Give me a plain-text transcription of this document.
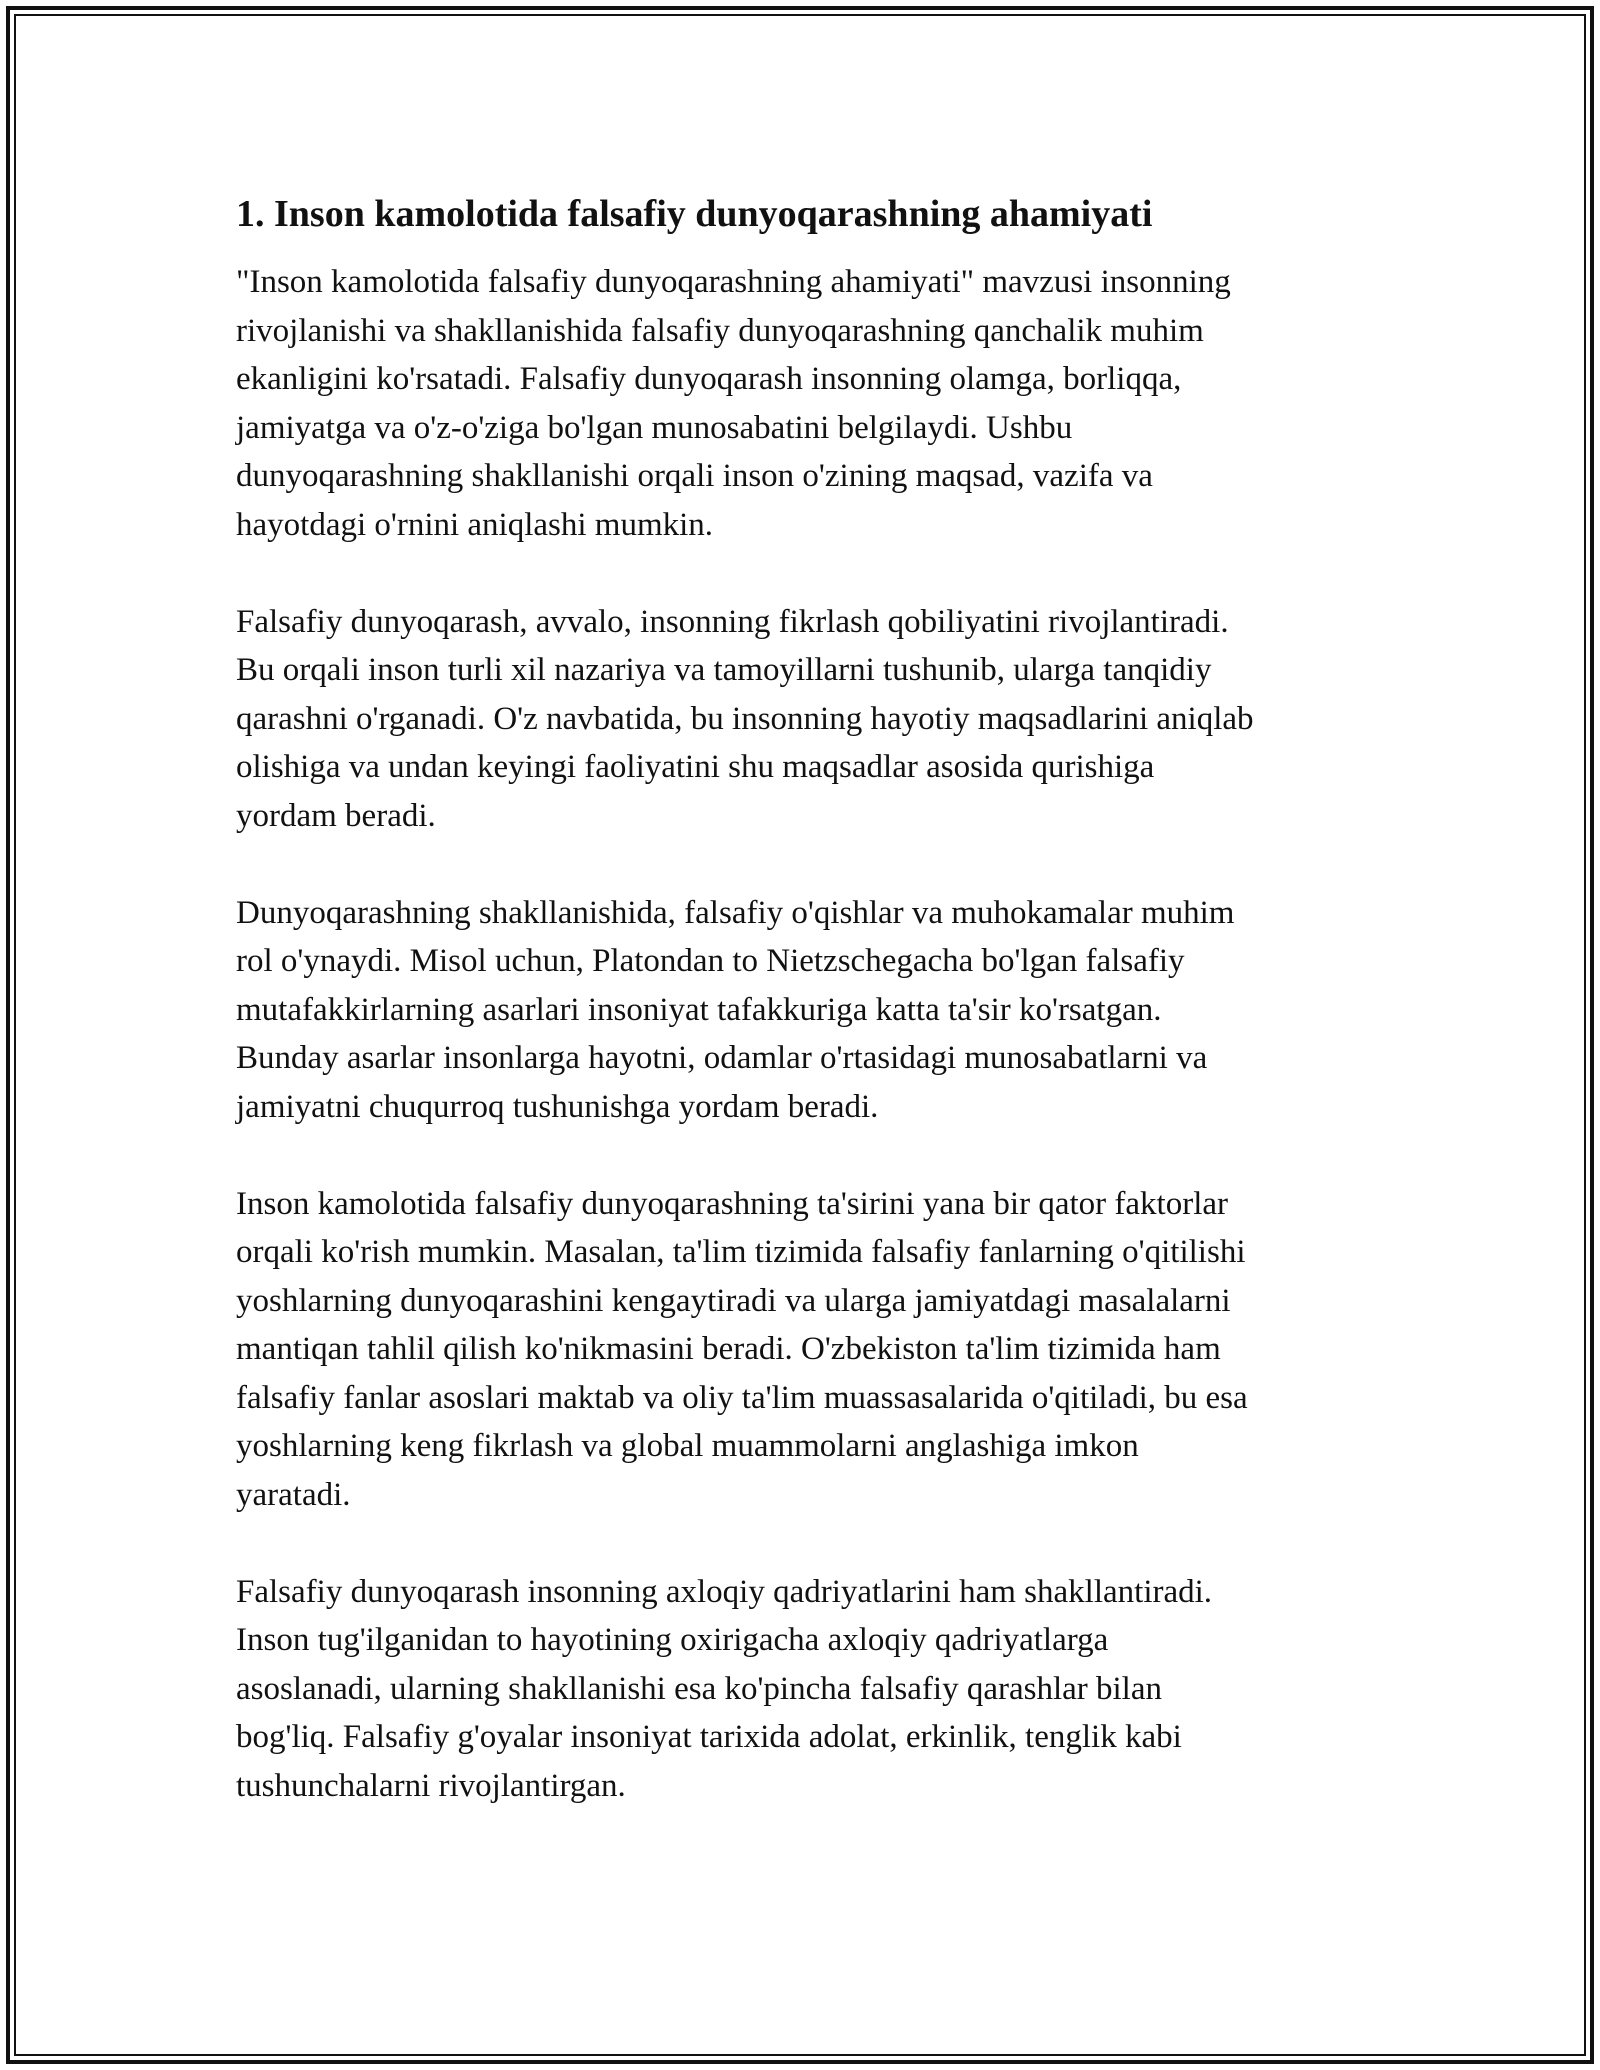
1. Inson kamolotida falsafiy dunyoqarashning ahamiyati

"Inson kamolotida falsafiy dunyoqarashning ahamiyati" mavzusi insonning
rivojlanishi va shakllanishida falsafiy dunyoqarashning qanchalik muhim
ekanligini ko'rsatadi. Falsafiy dunyoqarash insonning olamga, borliqqa,
jamiyatga va o'z-o'ziga bo'lgan munosabatini belgilaydi. Ushbu
dunyoqarashning shakllanishi orqali inson o'zining maqsad, vazifa va
hayotdagi o'rnini aniqlashi mumkin.

Falsafiy dunyoqarash, avvalo, insonning fikrlash qobiliyatini rivojlantiradi.
Bu orqali inson turli xil nazariya va tamoyillarni tushunib, ularga tanqidiy
qarashni o'rganadi. O'z navbatida, bu insonning hayotiy maqsadlarini aniqlab
olishiga va undan keyingi faoliyatini shu maqsadlar asosida qurishiga
yordam beradi.

Dunyoqarashning shakllanishida, falsafiy o'qishlar va muhokamalar muhim
rol o'ynaydi. Misol uchun, Platondan to Nietzschegacha bo'lgan falsafiy
mutafakkirlarning asarlari insoniyat tafakkuriga katta ta'sir ko'rsatgan.
Bunday asarlar insonlarga hayotni, odamlar o'rtasidagi munosabatlarni va
jamiyatni chuqurroq tushunishga yordam beradi.

Inson kamolotida falsafiy dunyoqarashning ta'sirini yana bir qator faktorlar
orqali ko'rish mumkin. Masalan, ta'lim tizimida falsafiy fanlarning o'qitilishi
yoshlarning dunyoqarashini kengaytiradi va ularga jamiyatdagi masalalarni
mantiqan tahlil qilish ko'nikmasini beradi. O'zbekiston ta'lim tizimida ham
falsafiy fanlar asoslari maktab va oliy ta'lim muassasalarida o'qitiladi, bu esa
yoshlarning keng fikrlash va global muammolarni anglashiga imkon
yaratadi.

Falsafiy dunyoqarash insonning axloqiy qadriyatlarini ham shakllantiradi.
Inson tug'ilganidan to hayotining oxirigacha axloqiy qadriyatlarga
asoslanadi, ularning shakllanishi esa ko'pincha falsafiy qarashlar bilan
bog'liq. Falsafiy g'oyalar insoniyat tarixida adolat, erkinlik, tenglik kabi
tushunchalarni rivojlantirgan.
